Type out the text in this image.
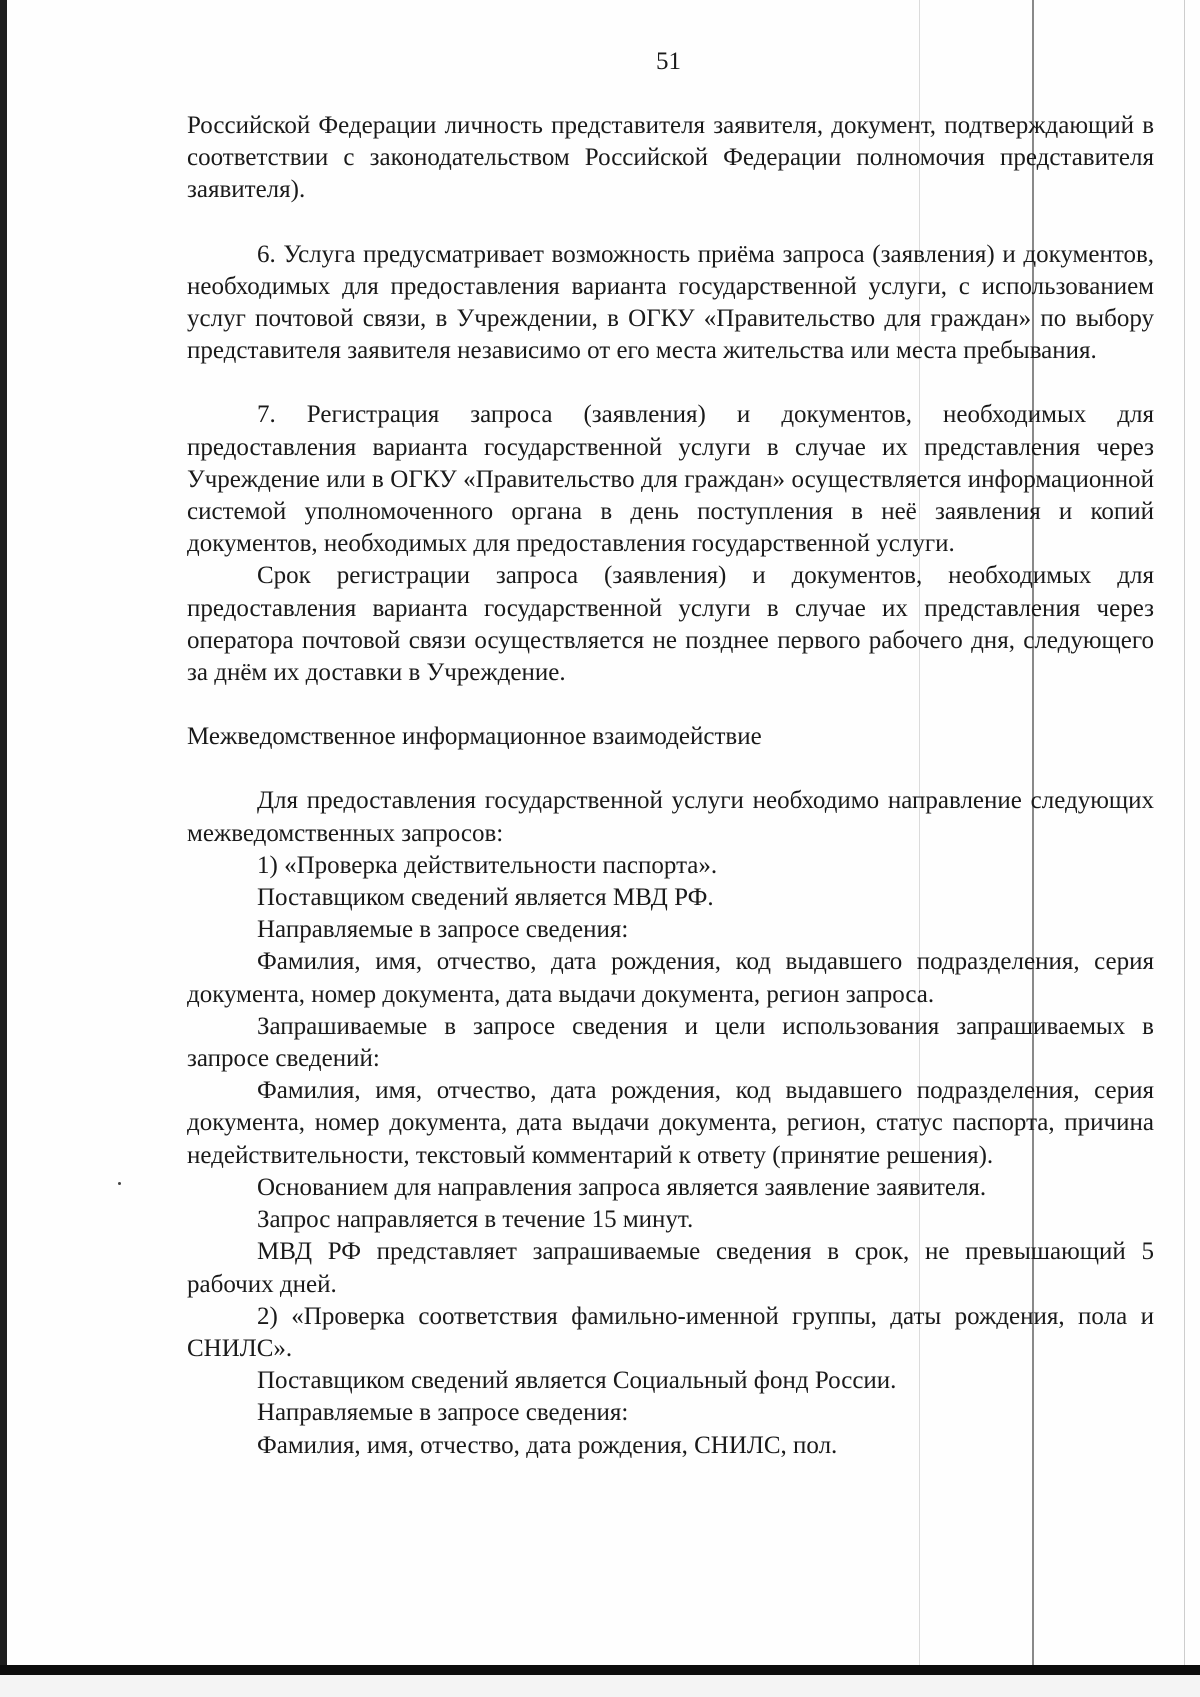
51

Российской Федерации личность представителя заявителя, документ, подтверждающий в соответствии с законодательством Российской Федерации полномочия представителя заявителя).

6. Услуга предусматривает возможность приёма запроса (заявления) и документов, необходимых для предоставления варианта государственной услуги, с использованием услуг почтовой связи, в Учреждении, в ОГКУ «Правительство для граждан» по выбору представителя заявителя независимо от его места жительства или места пребывания.

7. Регистрация запроса (заявления) и документов, необходимых для предоставления варианта государственной услуги в случае их представления через Учреждение или в ОГКУ «Правительство для граждан» осуществляется информационной системой уполномоченного органа в день поступления в неё заявления и копий документов, необходимых для предоставления государственной услуги.

Срок регистрации запроса (заявления) и документов, необходимых для предоставления варианта государственной услуги в случае их представления через оператора почтовой связи осуществляется не позднее первого рабочего дня, следующего за днём их доставки в Учреждение.

Межведомственное информационное взаимодействие

Для предоставления государственной услуги необходимо направление следующих межведомственных запросов:

1) «Проверка действительности паспорта».

Поставщиком сведений является МВД РФ.

Направляемые в запросе сведения:

Фамилия, имя, отчество, дата рождения, код выдавшего подразделения, серия документа, номер документа, дата выдачи документа, регион запроса.

Запрашиваемые в запросе сведения и цели использования запрашиваемых в запросе сведений:

Фамилия, имя, отчество, дата рождения, код выдавшего подразделения, серия документа, номер документа, дата выдачи документа, регион, статус паспорта, причина недействительности, текстовый комментарий к ответу (принятие решения).

Основанием для направления запроса является заявление заявителя.

Запрос направляется в течение 15 минут.

МВД РФ представляет запрашиваемые сведения в срок, не превышающий 5 рабочих дней.

2) «Проверка соответствия фамильно-именной группы, даты рождения, пола и СНИЛС».

Поставщиком сведений является Социальный фонд России.

Направляемые в запросе сведения:

Фамилия, имя, отчество, дата рождения, СНИЛС, пол.
